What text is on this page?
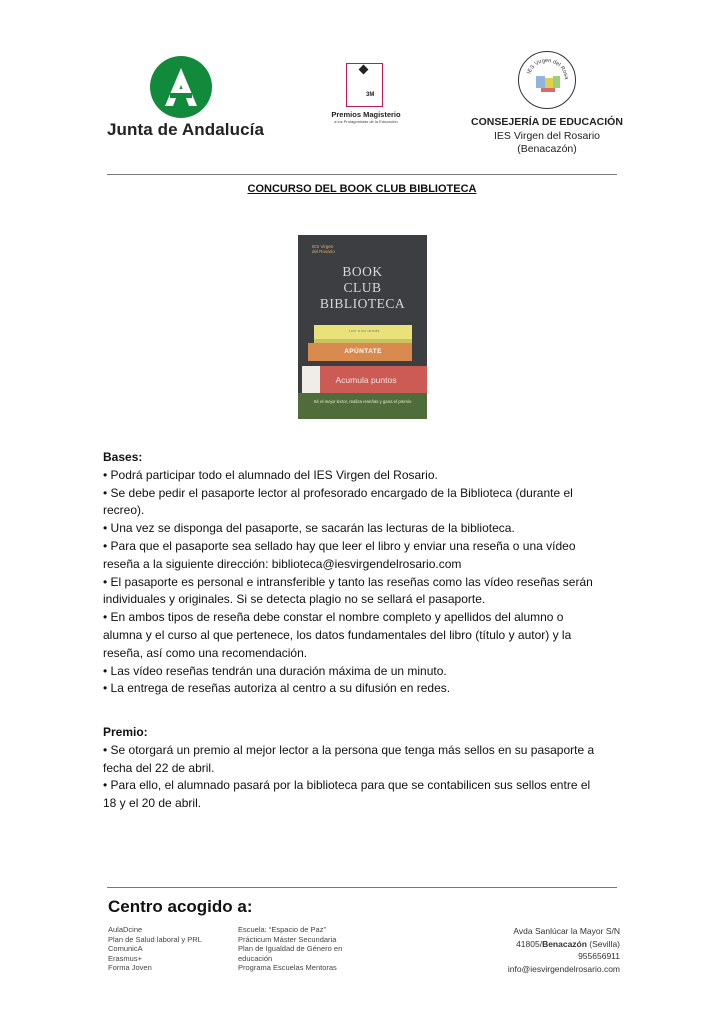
Junta de Andalucía
3M
Premios Magisterio
a los Protagonistas de la Educación
IES Virgen del Rosa
CONSEJERÍA DE EDUCACIÓN
IES Virgen del Rosario
(Benacazón)
CONCURSO DEL BOOK CLUB BIBLIOTECA
IES Virgen
del Rosario
BOOK
CLUB
BIBLIOTECA
Leer a los demás
APÚNTATE
Acumula puntos
Sé el mejor lector, realiza reseñas y gana el premio

Bases:

• Podrá participar todo el alumnado del IES Virgen del Rosario.

• Se debe pedir el pasaporte lector al profesorado encargado de la Biblioteca (durante el recreo).

• Una vez se disponga del pasaporte, se sacarán las lecturas de la biblioteca.

• Para que el pasaporte sea sellado hay que leer el libro y enviar una reseña o una vídeo reseña a la siguiente dirección: biblioteca@iesvirgendelrosario.com

• El pasaporte es personal e intransferible y tanto las reseñas como las vídeo reseñas serán individuales y originales. Si se detecta plagio no se sellará el pasaporte.

• En ambos tipos de reseña debe constar el nombre completo y apellidos del alumno o alumna y el curso al que pertenece, los datos fundamentales del libro (título y autor) y la reseña, así como una recomendación.

• Las vídeo reseñas tendrán una duración máxima de un minuto.

• La entrega de reseñas autoriza al centro a su difusión en redes.

Premio:

• Se otorgará un premio al mejor lector a la persona que tenga más sellos en su pasaporte a fecha del 22 de abril.

• Para ello, el alumnado pasará por la biblioteca para que se contabilicen sus sellos entre el 18 y el 20 de abril.

Centro acogido a:
AulaDcine
Plan de Salud laboral y PRL
ComunicA
Erasmus+
Forma Joven
Escuela: “Espacio de Paz”
Prácticum Máster Secundaria
Plan de Igualdad de Género en
educación
Programa Escuelas Mentoras
Avda Sanlúcar la Mayor S/N
41805/Benacazón (Sevilla)
955656911
info@iesvirgendelrosario.com
